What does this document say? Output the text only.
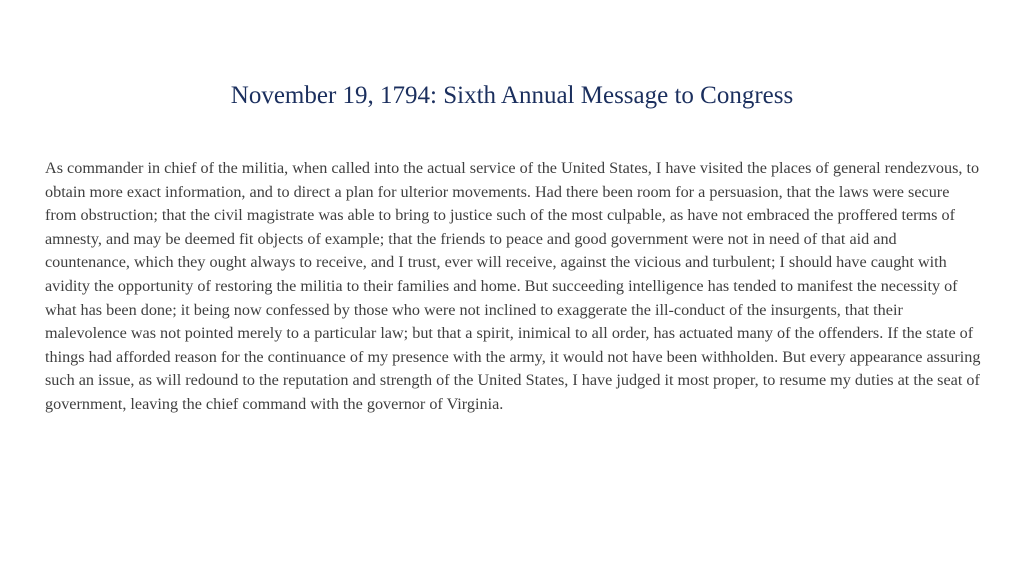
November 19, 1794: Sixth Annual Message to Congress

As commander in chief of the militia, when called into the actual service of the United States, I have visited the places of general rendezvous, to obtain more exact information, and to direct a plan for ulterior movements. Had there been room for a persuasion, that the laws were secure from obstruction; that the civil magistrate was able to bring to justice such of the most culpable, as have not embraced the proffered terms of amnesty, and may be deemed fit objects of example; that the friends to peace and good government were not in need of that aid and countenance, which they ought always to receive, and I trust, ever will receive, against the vicious and turbulent; I should have caught with avidity the opportunity of restoring the militia to their families and home. But succeeding intelligence has tended to manifest the necessity of what has been done; it being now confessed by those who were not inclined to exaggerate the ill-conduct of the insurgents, that their malevolence was not pointed merely to a particular law; but that a spirit, inimical to all order, has actuated many of the offenders. If the state of things had afforded reason for the continuance of my presence with the army, it would not have been withholden. But every appearance assuring such an issue, as will redound to the reputation and strength of the United States, I have judged it most proper, to resume my duties at the seat of government, leaving the chief command with the governor of Virginia.
